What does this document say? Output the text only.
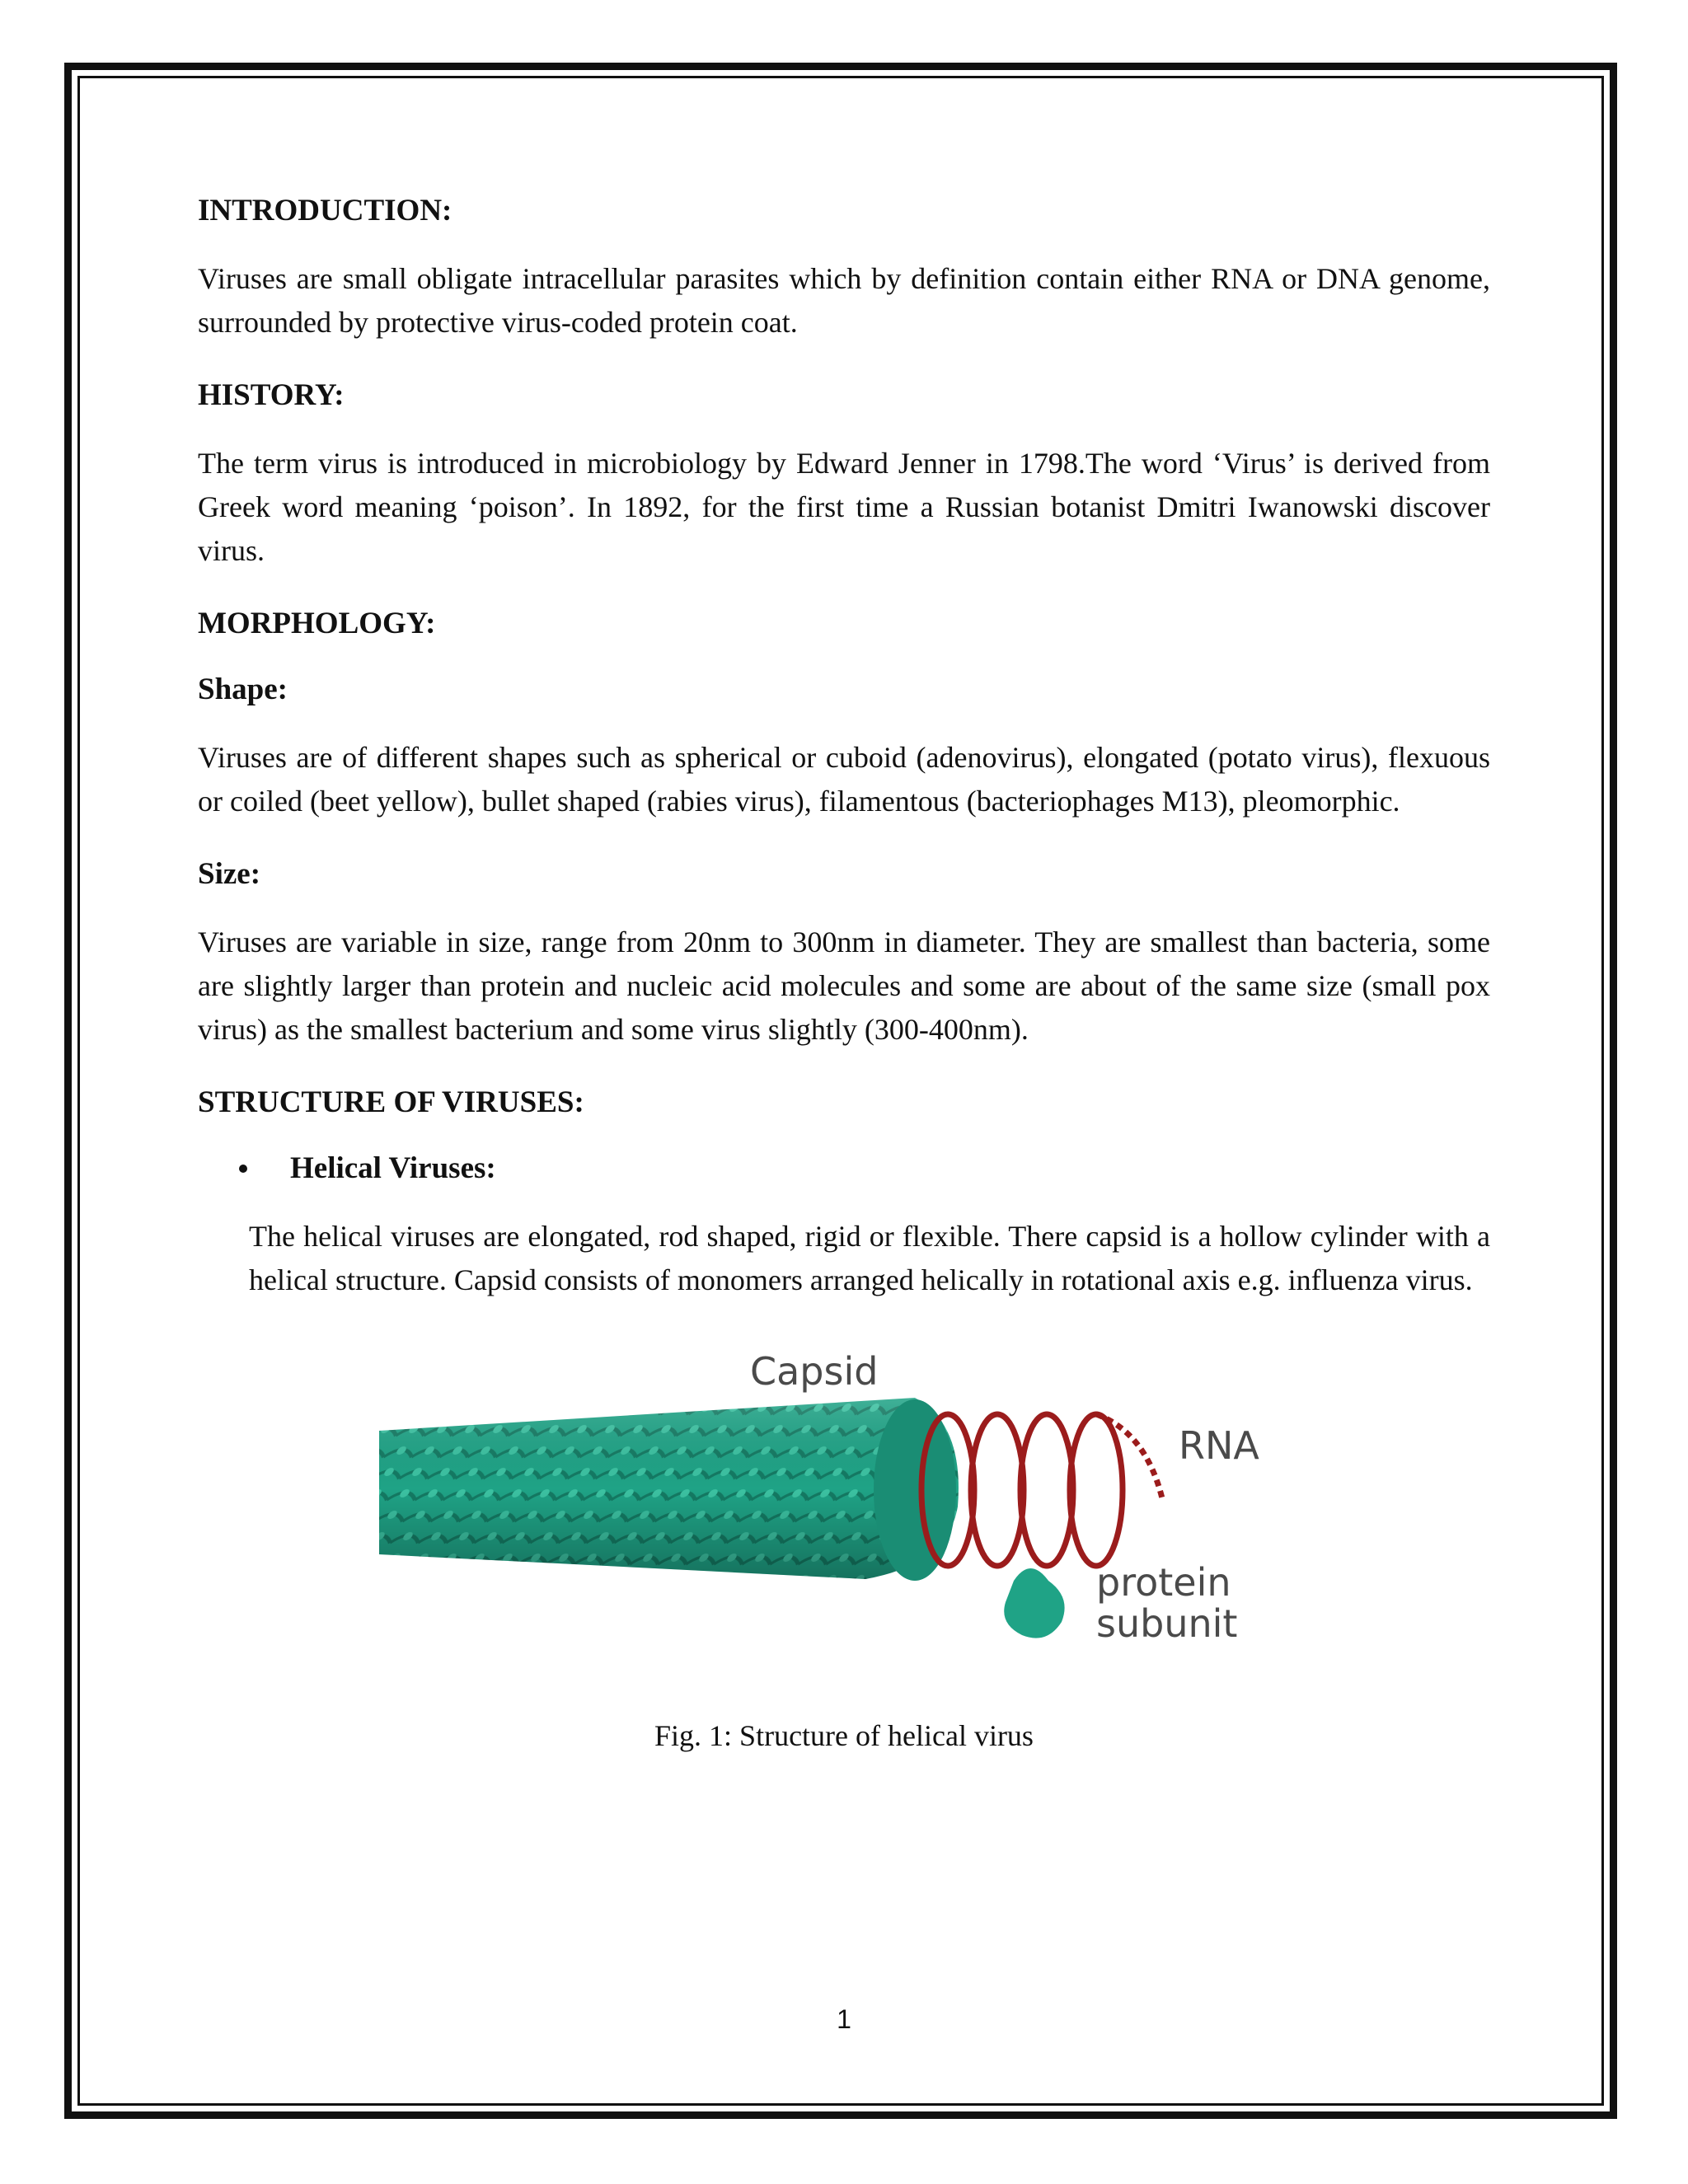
INTRODUCTION:

Viruses are small obligate intracellular parasites which by definition contain either RNA or DNA genome, surrounded by protective virus-coded protein coat.

HISTORY:

The term virus is introduced in microbiology by Edward Jenner in 1798.The word ‘Virus’ is derived from Greek word meaning ‘poison’. In 1892, for the first time a Russian botanist Dmitri Iwanowski discover virus.

MORPHOLOGY:
Shape:

Viruses are of different shapes such as spherical or cuboid (adenovirus), elongated (potato virus), flexuous or coiled (beet yellow), bullet shaped (rabies virus), filamentous (bacteriophages M13), pleomorphic.

Size:

Viruses are variable in size, range from 20nm to 300nm in diameter. They are smallest than bacteria, some are slightly larger than protein and nucleic acid molecules and some are about of the same size (small pox virus) as the smallest bacterium and some virus slightly (300-400nm).

STRUCTURE OF VIRUSES:
Helical Viruses:

The helical viruses are elongated, rod shaped, rigid or flexible. There capsid is a hollow cylinder with a helical structure. Capsid consists of monomers arranged helically in rotational axis e.g. influenza virus.

Capsid
RNA
protein
subunit

Fig. 1: Structure of helical virus

1
